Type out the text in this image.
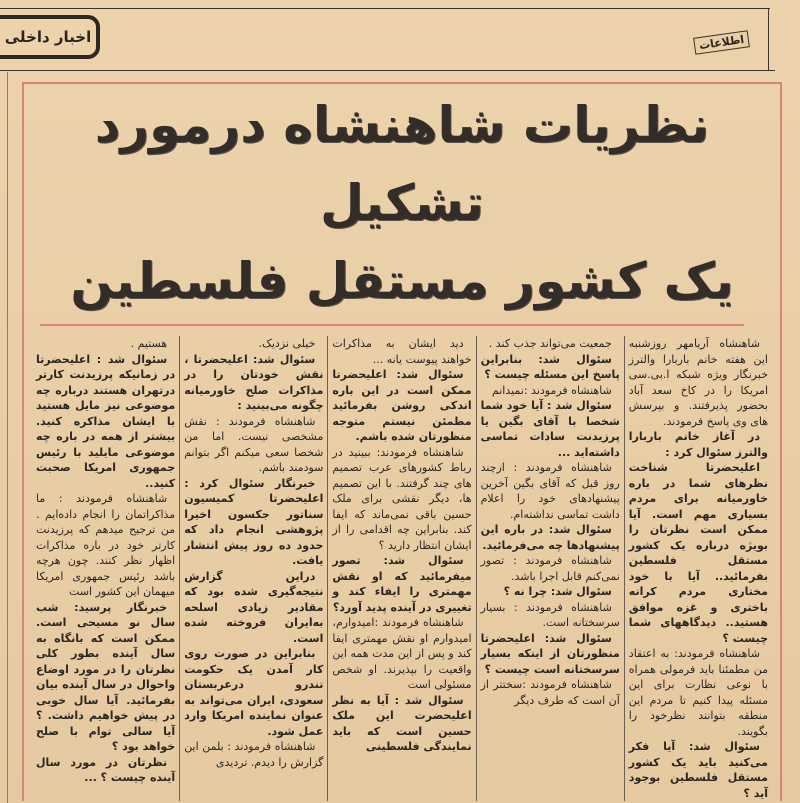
اخبار داخلی	اطلاعات
نظریات شاهنشاه درمورد تشکیل
یک کشور مستقل فلسطین

شاهنشاه آریامهر روزشنبه این هفته خانم باربارا والترز خبرنگار ویژه شبکه ا.بی.سی امریکا را در کاخ سعد آباد بحضور پذیرفتند. و بپرسش های وی پاسخ فرمودند.

در آغاز خانم باربارا والترز سئوال کرد :

اعلیحضرتا شناخت نظرهای شما در باره خاورمیانه برای مردم بسیاری مهم است. آیا ممکن است نظرتان را بویژه درباره یک کشور مستقل فلسطین بفرمائید.. آیا با خود مختاری مردم کرانه باختری و غزه موافق هستید.. دیدگاههای شما چیست ؟

شاهنشاه فرمودند: به اعتقاد من مطمئنا باید فرمولی همراه با نوعی نظارت برای این مسئله پیدا کنیم تا مردم این منطقه بتوانند نظرخود را بگویند.

سئوال شد: آیا فکر می‌کنید باید یک کشور مستقل فلسطین بوجود آید ؟

جمعیت می‌تواند جذب کند .

سئوال شد: بنابراین پاسخ این مسئله چیست ؟

شاهنشاه فرمودند :نمیدانم

سئوال شد : آیا خود شما شخصا با آقای بگین یا پرزیدنت سادات تماسی داشته‌اید ...

شاهنشاه فرمودند : ازچند روز قبل که آقای بگین آخرین پیشنهادهای خود را اعلام داشت تماسی نداشته‌ام.

سئوال شد: در باره این پیشنهادها چه می‌فرمائید.

شاهنشاه فرمودند : تصور نمی‌کنم قابل اجرا باشد.

سئوال شد: چرا نه ؟

شاهنشاه فرمودند : بسیار سرسختانه است.

سئوال شد: اعلیحضرتا منظورتان از اینکه بسیار سرسختانه است چیست ؟

شاهنشاه فرمودند :سختتر از آن است که طرف دیگر

دید ایشان به مذاکرات خواهند پیوست یانه ...

سئوال شد: اعلیحضرتا ممکن است در این باره اندکی روشن بفرمائید مطمئن نیستم متوجه منظورتان شده باشم.

شاهنشاه فرمودند: ببینید در رباط کشورهای عرب تصمیم های چند گرفتند. با این تصمیم ها، دیگر نقشی برای ملک حسین باقی نمی‌ماند که ایفا کند. بنابراین چه اقدامی را از ایشان انتظار دارید ؟

سئوال شد: تصور میفرمائید که او نقش مهمتری را ایفاء کند و تغییری در آینده پدید آورد؟

شاهنشاه فرمودند :امیدوارم، امیدوارم او نقش مهمتری ایفا کند و پس از این مدت همه این واقعیت را بپذیرند. او شخص مسئولی است

سئوال شد : آیا به نظر اعلیحضرت این ملک حسین است که باید نمایندگی فلسطینی

خیلی نزدیک.

سئوال شد: اعلیحضرتا ، نقش خودتان را در مذاکرات صلح خاورمیانه چگونه می‌بینید :

شاهنشاه فرمودند : نقش مشخصی نیست. اما من شخصا سعی میکنم اگر بتوانم سودمند باشم.

خبرنگار سئوال کرد : اعلیحضرتا کمیسیون سناتور جکسون اخیرا پژوهشی انجام داد که حدود ده روز پیش انتشار یافت.

دراین گزارش نتیجه‌گیری شده بود که مقادیر زیادی اسلحه به‌ایران فروخته شده است.

بنابراین در صورت روی کار آمدن یک حکومت تندرو درعربستان سعودی، ایران می‌تواند به عنوان نماینده امریکا وارد عمل شود.

شاهنشاه فرمودند : بلمن این گزارش را دیدم. تردیدی

هستیم .

سئوال شد : اعلیحضرتا در زمانیکه پرزیدنت کارتر درتهران هستند درباره چه موضوعی نیز مایل هستید با ایشان مذاکره کنید. بیشتر از همه در باره چه موضوعی مایلید با رئیس جمهوری امریکا صحبت کنید..

شاهنشاه فرمودند : ما مذاکراتمان را انجام داده‌ایم . من ترجیح میدهم که پرزیدنت کارتر خود در باره مذاکرات اظهار نظر کنند. چون هرچه باشد رئیس جمهوری امریکا میهمان این کشور است

خبرنگار پرسید: شب سال نو مسیحی است. ممکن است که بانگاه به سال آینده بطور کلی نظرتان را در مورد اوضاع واحوال در سال آینده بیان بفرمائید. آیا سال خوبی در پیش خواهیم داشت. ؟ آیا سالی توام با صلح خواهد بود ؟

نظرتان در مورد سال آینده چیست ؟ ...
